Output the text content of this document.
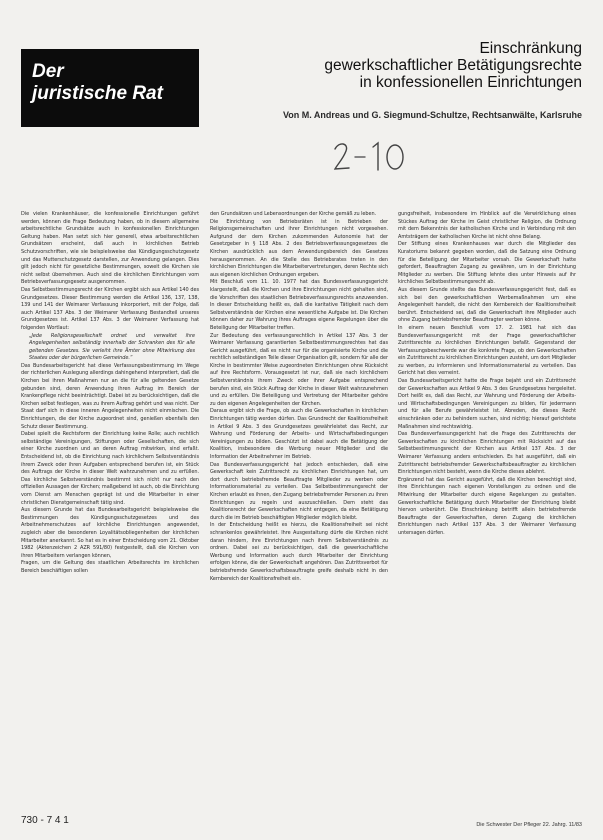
Der
juristische Rat
Einschränkung
gewerkschaftlicher Betätigungsrechte
in konfessionellen Einrichtungen
Von M. Andreas und G. Siegmund-Schultze, Rechtsanwälte, Karlsruhe

Die vielen Krankenhäuser, die konfessionelle Einrichtungen geführt werden, können die Frage Bedeutung haben, ob in diesem allgemeine arbeitsrechtliche Grundsätze auch in konfessionellen Einrichtungen Geltung haben. Man setzt sich hier generell, etwa arbeitsrechtlichen Grundsätzen erscheint, daß auch in kirchlichen Betrieb Schutzvorschriften, wie sie beispielsweise das Kündigungsschutzgesetz und das Mutterschutzgesetz darstellen, zur Anwendung gelangen. Dies gilt jedoch nicht für gesetzliche Bestimmungen, soweit die Kirchen sie nicht selbst übernehmen. Auch sind die kirchlichen Einrichtungen vom Betriebsverfassungsgesetz ausgenommen.

Das Selbstbestimmungsrecht der Kirchen ergibt sich aus Artikel 140 des Grundgesetzes. Dieser Bestimmung werden die Artikel 136, 137, 138, 139 und 141 der Weimarer Verfassung inkorporiert, mit der Folge, daß auch Artikel 137 Abs. 3 der Weimarer Verfassung Bestandteil unseres Grundgesetzes ist. Artikel 137 Abs. 3 der Weimarer Verfassung hat folgenden Wortlaut:

„Jede Religionsgesellschaft ordnet und verwaltet ihre Angelegenheiten selbständig innerhalb der Schranken des für alle geltenden Gesetzes. Sie verleiht ihre Ämter ohne Mitwirkung des Staates oder der bürgerlichen Gemeinde.“

Das Bundesarbeitsgericht hat diese Verfassungsbestimmung im Wege der richterlichen Auslegung allerdings dahingehend interpretiert, daß die Kirchen bei ihren Maßnahmen nur an die für alle geltenden Gesetze gebunden sind, deren Anwendung ihren Auftrag im Bereich der Krankenpflege nicht beeinträchtigt. Dabei ist zu berücksichtigen, daß die Kirchen selbst festlegen, was zu ihrem Auftrag gehört und was nicht. Der Staat darf sich in diese inneren Angelegenheiten nicht einmischen. Die Einrichtungen, die der Kirche zugeordnet sind, genießen ebenfalls den Schutz dieser Bestimmung.

Dabei spielt die Rechtsform der Einrichtung keine Rolle; auch rechtlich selbständige Vereinigungen, Stiftungen oder Gesellschaften, die sich einer Kirche zuordnen und an deren Auftrag mitwirken, sind erfaßt. Entscheidend ist, ob die Einrichtung nach kirchlichem Selbstverständnis ihrem Zweck oder ihren Aufgaben entsprechend berufen ist, ein Stück des Auftrags der Kirche in dieser Welt wahrzunehmen und zu erfüllen. Das kirchliche Selbstverständnis bestimmt sich nicht nur nach den offiziellen Aussagen der Kirchen; maßgebend ist auch, ob die Einrichtung vom Dienst am Menschen geprägt ist und die Mitarbeiter in einer christlichen Dienstgemeinschaft tätig sind.

Aus diesem Grunde hat das Bundesarbeitsgericht beispielsweise die Bestimmungen des Kündigungsschutzgesetzes und des Arbeitnehmerschutzes auf kirchliche Einrichtungen angewendet, zugleich aber die besonderen Loyalitätsobliegenheiten der kirchlichen Mitarbeiter anerkannt. So hat es in einer Entscheidung vom 21. Oktober 1982 (Aktenzeichen 2 AZR 591/80) festgestellt, daß die Kirchen von ihren Mitarbeitern verlangen können,

Fragen, um die Geltung des staatlichen Arbeitsrechts im kirchlichen Bereich beschäftigen sollen

den Grundsätzen und Lebensordnungen der Kirche gemäß zu leben.

Die Einrichtung von Betriebsräten ist in Betrieben der Religionsgemeinschaften und ihrer Einrichtungen nicht vorgesehen. Aufgrund der dem Kirchen zukommenden Autonomie hat der Gesetzgeber in § 118 Abs. 2 des Betriebsverfassungsgesetzes die Kirchen ausdrücklich aus dem Anwendungsbereich des Gesetzes herausgenommen. An die Stelle des Betriebsrates treten in den kirchlichen Einrichtungen die Mitarbeitervertretungen, deren Rechte sich aus eigenen kirchlichen Ordnungen ergeben.

Mit Beschluß vom 11. 10. 1977 hat das Bundesverfassungsgericht klargestellt, daß die Kirchen und ihre Einrichtungen nicht gehalten sind, die Vorschriften des staatlichen Betriebsverfassungsrechts anzuwenden. In dieser Entscheidung heißt es, daß die karitative Tätigkeit nach dem Selbstverständnis der Kirchen eine wesentliche Aufgabe ist. Die Kirchen können daher zur Wahrung ihres Auftrages eigene Regelungen über die Beteiligung der Mitarbeiter treffen.

Zur Bedeutung des verfassungsrechtlich in Artikel 137 Abs. 3 der Weimarer Verfassung garantierten Selbstbestimmungsrechtes hat das Gericht ausgeführt, daß es nicht nur für die organisierte Kirche und die rechtlich selbständigen Teile dieser Organisation gilt, sondern für alle der Kirche in bestimmter Weise zugeordneten Einrichtungen ohne Rücksicht auf ihre Rechtsform. Vorausgesetzt ist nur, daß sie nach kirchlichem Selbstverständnis ihrem Zweck oder ihrer Aufgabe entsprechend berufen sind, ein Stück Auftrag der Kirche in dieser Welt wahrzunehmen und zu erfüllen. Die Beteiligung und Vertretung der Mitarbeiter gehöre zu den eigenen Angelegenheiten der Kirchen.

Daraus ergibt sich die Frage, ob auch die Gewerkschaften in kirchlichen Einrichtungen tätig werden dürfen. Das Grundrecht der Koalitionsfreiheit in Artikel 9 Abs. 3 des Grundgesetzes gewährleistet das Recht, zur Wahrung und Förderung der Arbeits- und Wirtschaftsbedingungen Vereinigungen zu bilden. Geschützt ist dabei auch die Betätigung der Koalition, insbesondere die Werbung neuer Mitglieder und die Information der Arbeitnehmer im Betrieb.

Das Bundesverfassungsgericht hat jedoch entschieden, daß eine Gewerkschaft kein Zutrittsrecht zu kirchlichen Einrichtungen hat, um dort durch betriebsfremde Beauftragte Mitglieder zu werben oder Informationsmaterial zu verteilen. Das Selbstbestimmungsrecht der Kirchen erlaubt es ihnen, den Zugang betriebsfremder Personen zu ihren Einrichtungen zu regeln und auszuschließen. Dem steht das Koalitionsrecht der Gewerkschaften nicht entgegen, da eine Betätigung durch die im Betrieb beschäftigten Mitglieder möglich bleibt.

In der Entscheidung heißt es hierzu, die Koalitionsfreiheit sei nicht schrankenlos gewährleistet. Ihre Ausgestaltung dürfe die Kirchen nicht daran hindern, ihre Einrichtungen nach ihrem Selbstverständnis zu ordnen. Dabei sei zu berücksichtigen, daß die gewerkschaftliche Werbung und Information auch durch Mitarbeiter der Einrichtung erfolgen könne, die der Gewerkschaft angehören. Das Zutrittsverbot für betriebsfremde Gewerkschaftsbeauftragte greife deshalb nicht in den Kernbereich der Koalitionsfreiheit ein.

gungsfreiheit, insbesondere im Hinblick auf die Verwirklichung eines Stückes Auftrag der Kirche im Geist christlicher Religion, die Ordnung mit dem Bekenntnis der katholischen Kirche und in Verbindung mit den Amtsträgern der katholischen Kirche ist nicht ohne Belang.

Der Stiftung eines Krankenhauses war durch die Mitglieder des Kuratoriums bekannt gegeben worden, daß die Satzung eine Ordnung für die Beteiligung der Mitarbeiter vorsah. Die Gewerkschaft hatte gefordert, Beauftragten Zugang zu gewähren, um in der Einrichtung Mitglieder zu werben. Die Stiftung lehnte dies unter Hinweis auf ihr kirchliches Selbstbestimmungsrecht ab.

Aus diesem Grunde stellte das Bundesverfassungsgericht fest, daß es sich bei den gewerkschaftlichen Werbemaßnahmen um eine Angelegenheit handelt, die nicht den Kernbereich der Koalitionsfreiheit berührt. Entscheidend sei, daß die Gewerkschaft ihre Mitglieder auch ohne Zugang betriebsfremder Beauftragter werben könne.

In einem neuen Beschluß vom 17. 2. 1981 hat sich das Bundesverfassungsgericht mit der Frage gewerkschaftlicher Zutrittsrechte zu kirchlichen Einrichtungen befaßt. Gegenstand der Verfassungsbeschwerde war die konkrete Frage, ob den Gewerkschaften ein Zutrittsrecht zu kirchlichen Einrichtungen zusteht, um dort Mitglieder zu werben, zu informieren und Informationsmaterial zu verteilen. Das Gericht hat dies verneint.

Das Bundesarbeitsgericht hatte die Frage bejaht und ein Zutrittsrecht der Gewerkschaften aus Artikel 9 Abs. 3 des Grundgesetzes hergeleitet. Dort heißt es, daß das Recht, zur Wahrung und Förderung der Arbeits- und Wirtschaftsbedingungen Vereinigungen zu bilden, für jedermann und für alle Berufe gewährleistet ist. Abreden, die dieses Recht einschränken oder zu behindern suchen, sind nichtig; hierauf gerichtete Maßnahmen sind rechtswidrig.

Das Bundesverfassungsgericht hat die Frage des Zutrittsrechts der Gewerkschaften zu kirchlichen Einrichtungen mit Rücksicht auf das Selbstbestimmungsrecht der Kirchen aus Artikel 137 Abs. 3 der Weimarer Verfassung anders entschieden. Es hat ausgeführt, daß ein Zutrittsrecht betriebsfremder Gewerkschaftsbeauftragter zu kirchlichen Einrichtungen nicht besteht, wenn die Kirche dieses ablehnt.

Ergänzend hat das Gericht ausgeführt, daß die Kirchen berechtigt sind, ihre Einrichtungen nach eigenen Vorstellungen zu ordnen und die Mitwirkung der Mitarbeiter durch eigene Regelungen zu gestalten. Gewerkschaftliche Betätigung durch Mitarbeiter der Einrichtung bleibt hiervon unberührt. Die Einschränkung betrifft allein betriebsfremde Beauftragte der Gewerkschaften, deren Zugang die kirchlichen Einrichtungen nach Artikel 137 Abs. 3 der Weimarer Verfassung untersagen dürfen.

730 - 7 4 1	Die Schwester Der Pfleger 22. Jahrg. 11/83
